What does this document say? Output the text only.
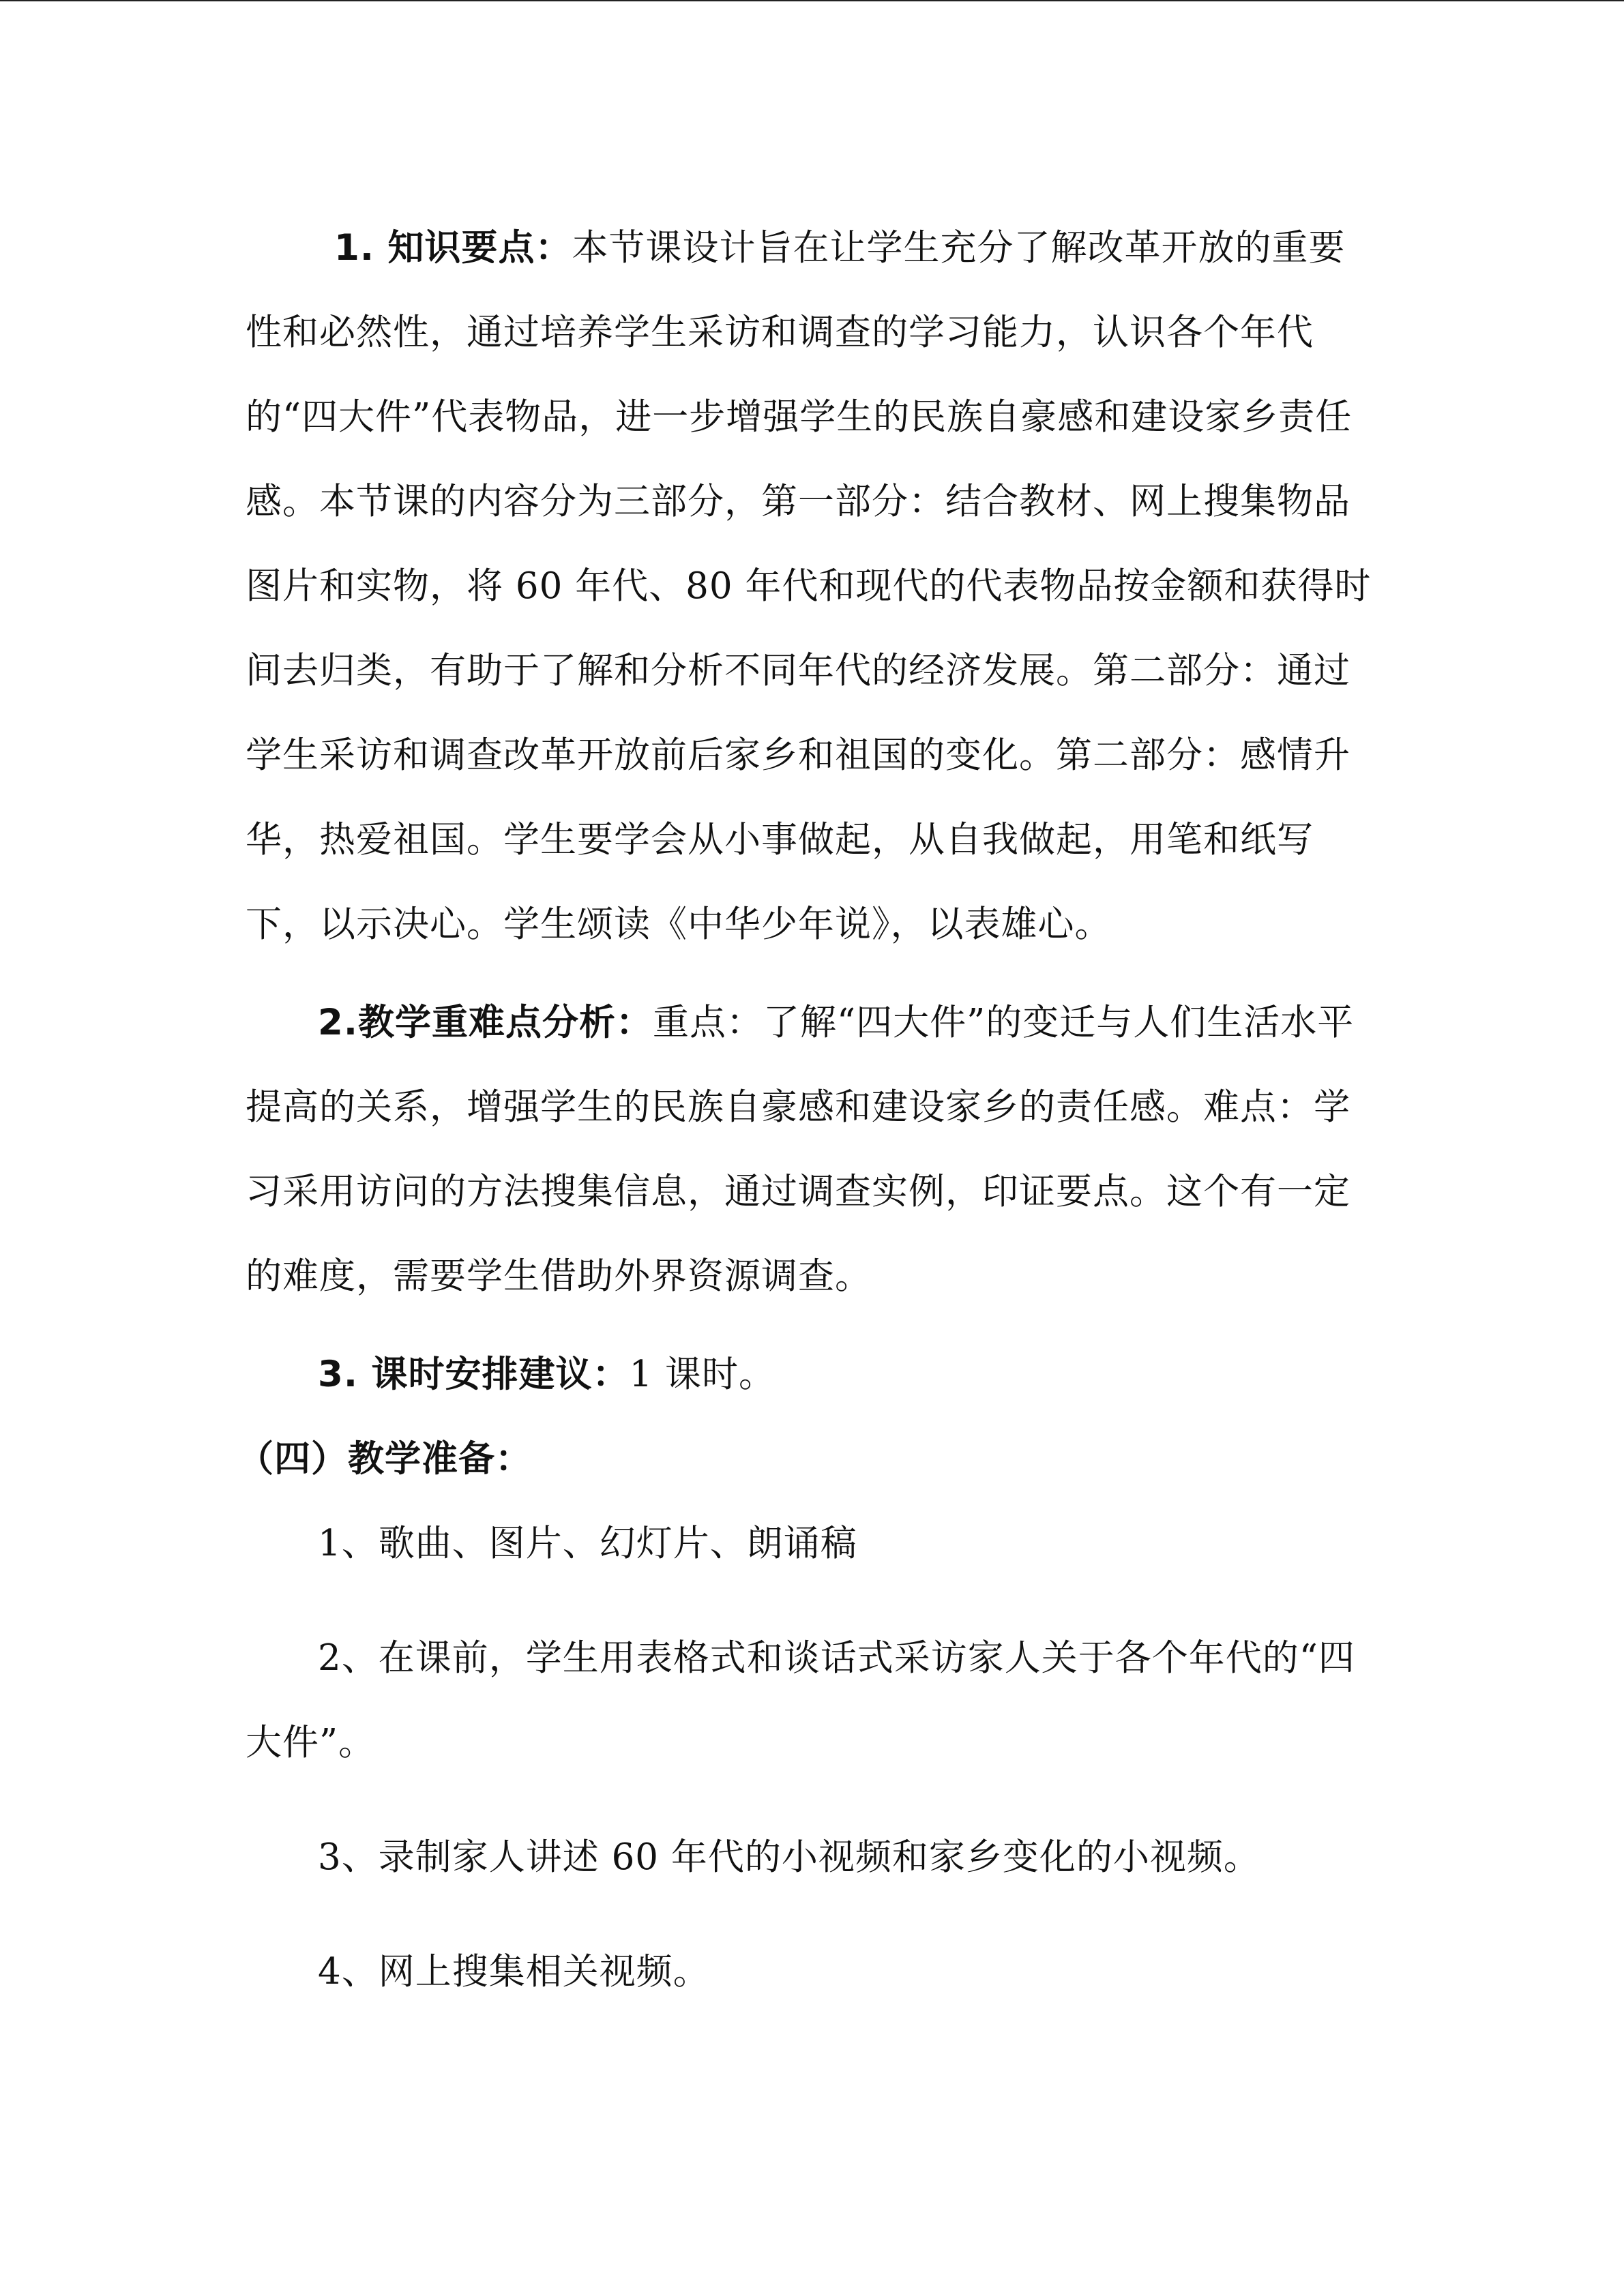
1. 知识要点：本节课设计旨在让学生充分了解改革开放的重要性和必然性，通过培养学生采访和调查的学习能力，认识各个年代的“四大件”代表物品，进一步增强学生的民族自豪感和建设家乡责任感。本节课的内容分为三部分，第一部分：结合教材、网上搜集物品图片和实物，将 60 年代、80 年代和现代的代表物品按金额和获得时间去归类，有助于了解和分析不同年代的经济发展。第二部分：通过学生采访和调查改革开放前后家乡和祖国的变化。第二部分：感情升华，热爱祖国。学生要学会从小事做起，从自我做起，用笔和纸写下，以示决心。学生颂读《中华少年说》，以表雄心。

2.教学重难点分析：重点：了解“四大件”的变迁与人们生活水平提高的关系，增强学生的民族自豪感和建设家乡的责任感。难点：学习采用访问的方法搜集信息，通过调查实例，印证要点。这个有一定的难度，需要学生借助外界资源调查。

3. 课时安排建议：1 课时。

（四）教学准备：

1、歌曲、图片、幻灯片、朗诵稿

2、在课前，学生用表格式和谈话式采访家人关于各个年代的“四大件”。

3、录制家人讲述 60 年代的小视频和家乡变化的小视频。

4、网上搜集相关视频。
